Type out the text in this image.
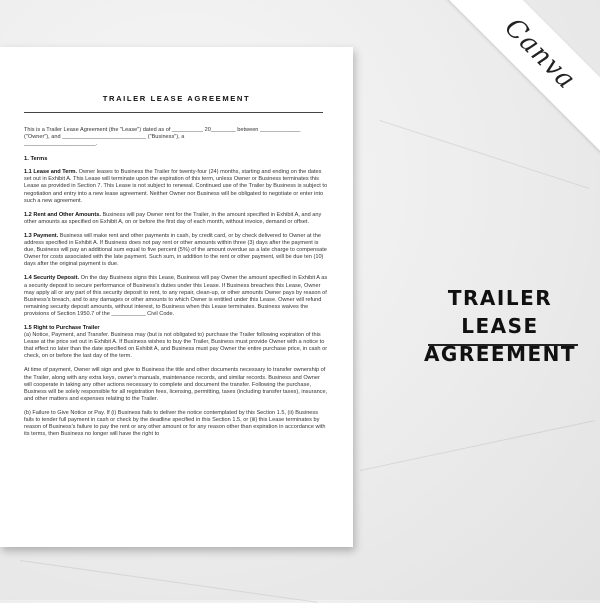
Canva
TRAILER LEASE AGREEMENT
This is a Trailer Lease Agreement (the "Lease") dated as of __________ 20________ between _____________
("Owner"), and ___________________________ ("Business"), a
_______________________.
1. Terms
1.1 Lease and Term. Owner leases to Business the Trailer for twenty-four (24) months, starting and ending on the dates set out in Exhibit A. This Lease will terminate upon the expiration of this term, unless Owner or Business terminates this Lease as provided in Section 7. This Lease is not subject to renewal. Continued use of the Trailer by Business is subject to negotiation and entry into a new lease agreement. Neither Owner nor Business will be obligated to negotiate or enter into such a new agreement.
1.2 Rent and Other Amounts. Business will pay Owner rent for the Trailer, in the amount specified in Exhibit A, and any other amounts as specified on Exhibit A, on or before the first day of each month, without invoice, demand or offset.
1.3 Payment. Business will make rent and other payments in cash, by credit card, or by check delivered to Owner at the address specified in Exhibit A. If Business does not pay rent or other amounts within three (3) days after the payment is due, Business will pay an additional sum equal to five percent (5%) of the amount overdue as a late charge to compensate Owner for costs associated with the late payment. Such sum, in addition to the rent or other payment, will be due ten (10) days after the original payment is due.
1.4 Security Deposit. On the day Business signs this Lease, Business will pay Owner the amount specified in Exhibit A as a security deposit to secure performance of Business's duties under this Lease. If Business breaches this Lease, Owner may apply all or any part of this security deposit to rent, to any repair, clean-up, or other amounts Owner pays by reason of Business's breach, and to any damages or other amounts to which Owner is entitled under this Lease. Owner will refund remaining security deposit amounts, without interest, to Business when this Lease terminates. Business waives the provisions of Section 1950.7 of the ___________ Civil Code.
1.5 Right to Purchase Trailer
(a) Notice, Payment, and Transfer. Business may (but is not obligated to) purchase the Trailer following expiration of this Lease at the price set out in Exhibit A. If Business wishes to buy the Trailer, Business must provide Owner with a notice to that effect no later than the date specified on Exhibit A, and Business must pay Owner the entire purchase price, in cash or check, on or before the last day of the term.
At time of payment, Owner will sign and give to Business the title and other documents necessary to transfer ownership of the Trailer, along with any extra keys, owner's manuals, maintenance records, and similar records. Business and Owner will cooperate in taking any other actions necessary to complete and document the transfer. Following the purchase, Business will be solely responsible for all registration fees, licensing, permitting, taxes (including transfer taxes), insurance, and other matters and expenses relating to the Trailer.
(b) Failure to Give Notice or Pay. If (i) Business fails to deliver the notice contemplated by this Section 1.5, (ii) Business fails to tender full payment in cash or check by the deadline specified in this Section 1.5, or (iii) this Lease terminates by reason of Business's failure to pay the rent or any other amount or for any reason other than expiration in accordance with its terms, then Business no longer will have the right to
TRAILER LEASE
AGREEMENT
